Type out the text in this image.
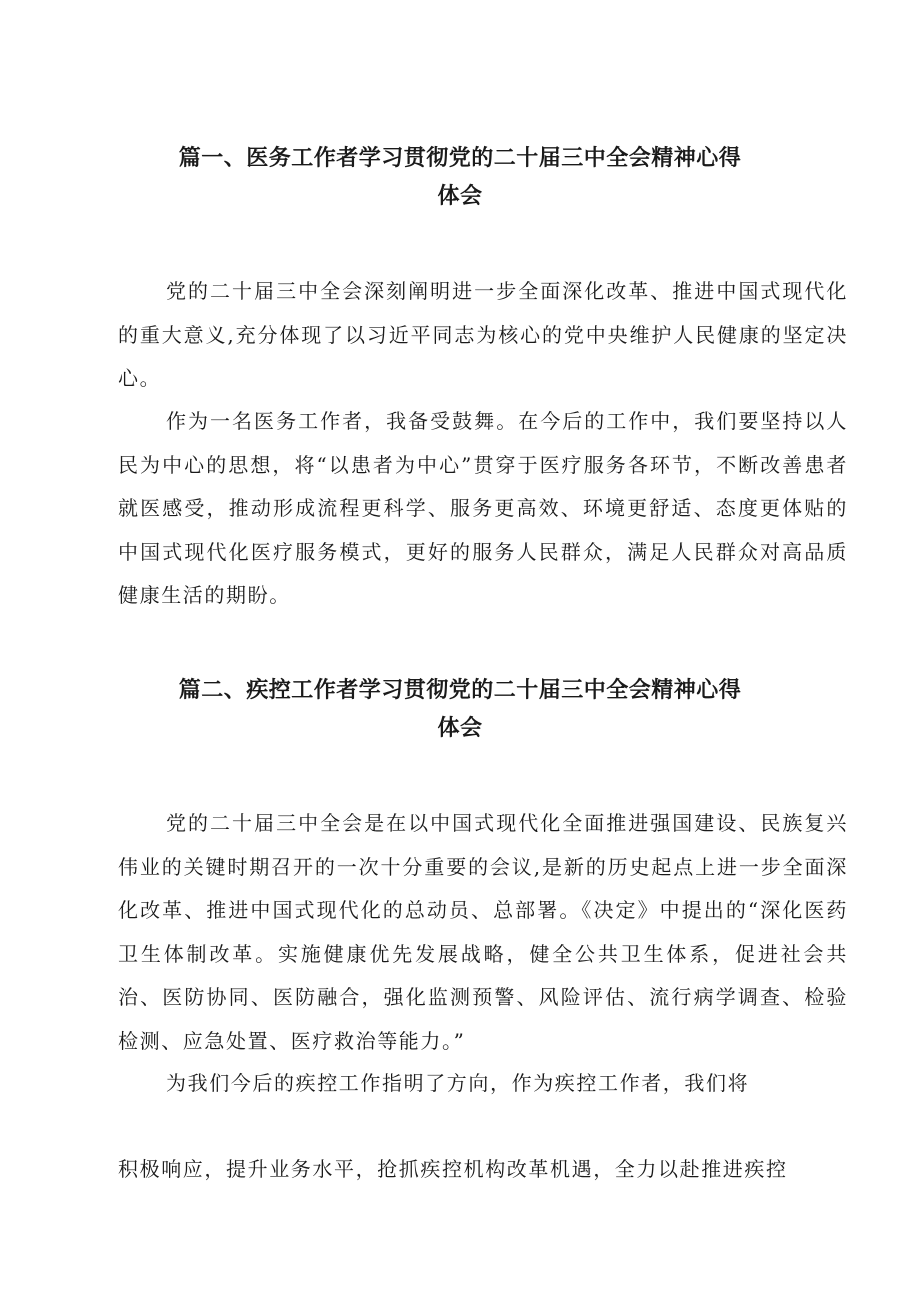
篇一、医务工作者学习贯彻党的二十届三中全会精神心得
体会

党的二十届三中全会深刻阐明进一步全面深化改革、推进中国式现代化的重大意义,充分体现了以习近平同志为核心的党中央维护人民健康的坚定决心。

作为一名医务工作者，我备受鼓舞。在今后的工作中，我们要坚持以人民为中心的思想，将“以患者为中心”贯穿于医疗服务各环节，不断改善患者就医感受，推动形成流程更科学、服务更高效、环境更舒适、态度更体贴的中国式现代化医疗服务模式，更好的服务人民群众，满足人民群众对高品质健康生活的期盼。

篇二、疾控工作者学习贯彻党的二十届三中全会精神心得
体会

党的二十届三中全会是在以中国式现代化全面推进强国建设、民族复兴伟业的关键时期召开的一次十分重要的会议,是新的历史起点上进一步全面深化改革、推进中国式现代化的总动员、总部署。《决定》中提出的“深化医药卫生体制改革。实施健康优先发展战略，健全公共卫生体系，促进社会共治、医防协同、医防融合，强化监测预警、风险评估、流行病学调查、检验检测、应急处置、医疗救治等能力。”

为我们今后的疾控工作指明了方向，作为疾控工作者，我们将

积极响应，提升业务水平，抢抓疾控机构改革机遇，全力以赴推进疾控
